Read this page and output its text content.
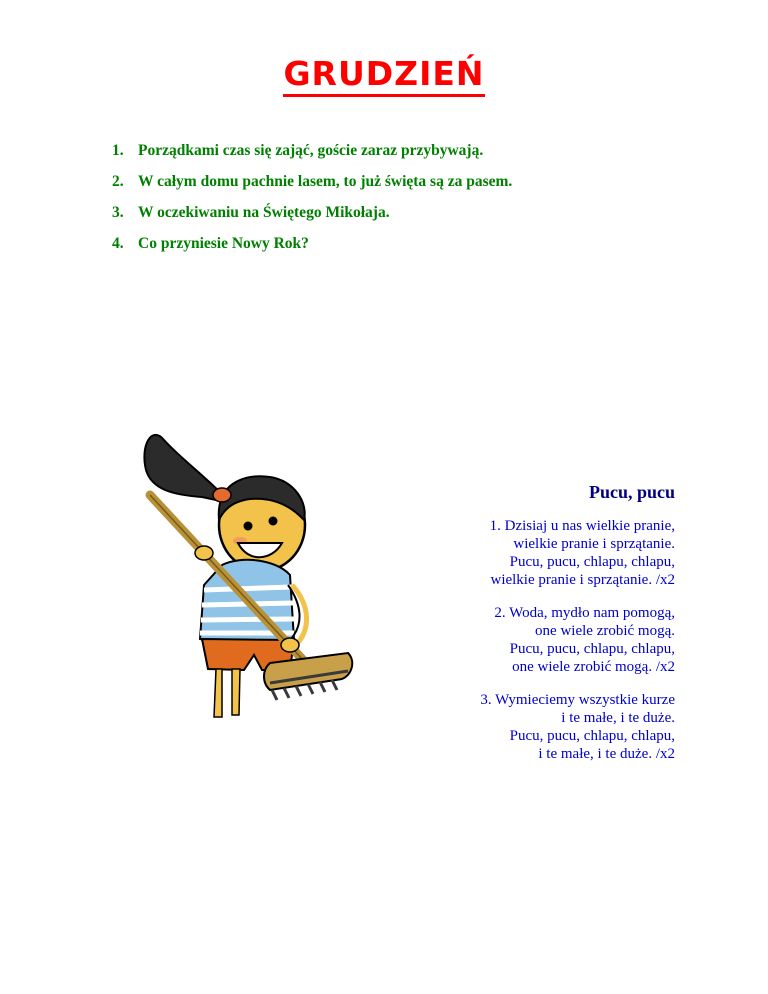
GRUDZIEŃ
1. Porządkami czas się zająć, goście zaraz przybywają.
2. W całym domu pachnie lasem, to już święta są za pasem.
3. W oczekiwaniu na Świętego Mikołaja.
4. Co przyniesie Nowy Rok?
Pucu, pucu
1. Dzisiaj u nas wielkie pranie,
wielkie pranie i sprzątanie.
Pucu, pucu, chlapu, chlapu,
wielkie pranie i sprzątanie. /x2
2. Woda, mydło nam pomogą,
one wiele zrobić mogą.
Pucu, pucu, chlapu, chlapu,
one wiele zrobić mogą. /x2
3. Wymieciemy wszystkie kurze
i te małe, i te duże.
Pucu, pucu, chlapu, chlapu,
i te małe, i te duże. /x2
